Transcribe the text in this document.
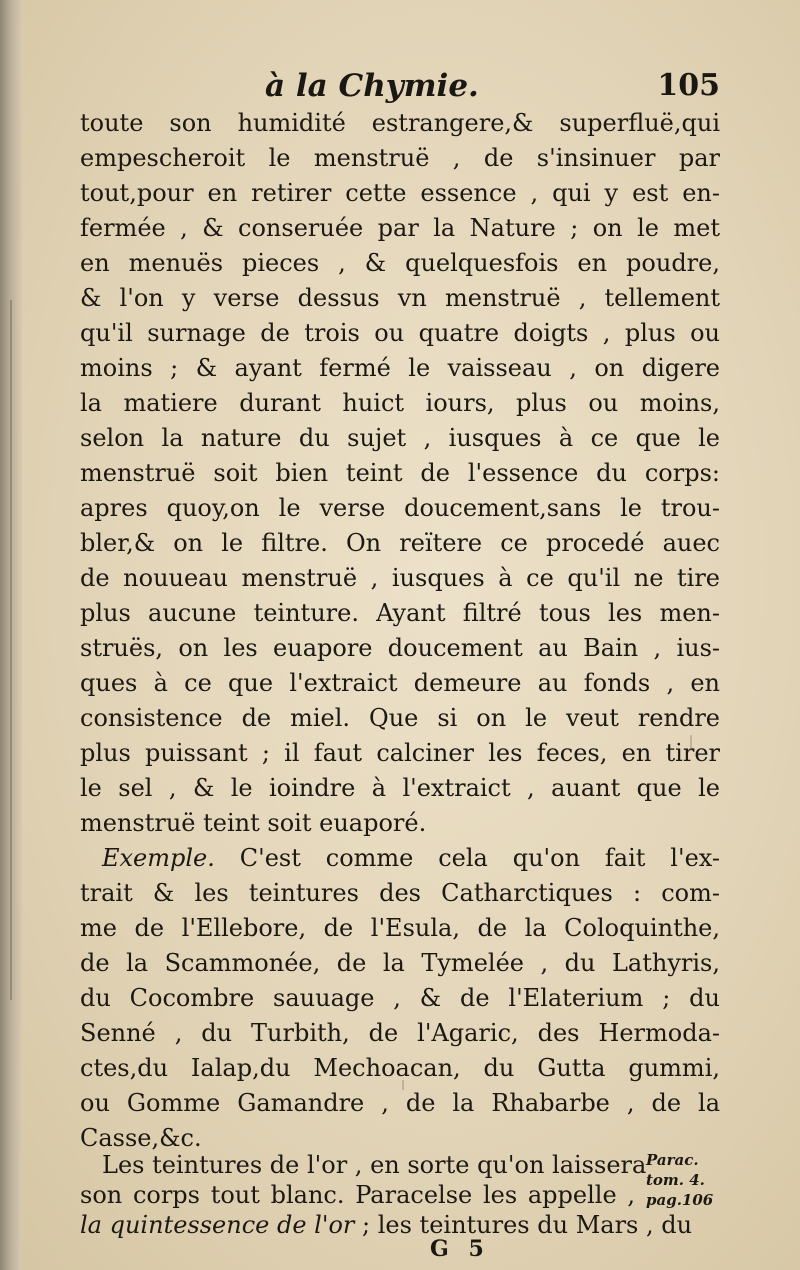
à la Chymie.	105
toute son humidité estrangere,& superfluë,qui
empescheroit le menstruë , de s'insinuer par
tout,pour en retirer cette essence , qui y est en-
fermée , & conseruée par la Nature ; on le met
en menuës pieces , & quelquesfois en poudre,
& l'on y verse dessus vn menstruë , tellement
qu'il surnage de trois ou quatre doigts , plus ou
moins ; & ayant fermé le vaisseau , on digere
la matiere durant huict iours, plus ou moins,
selon la nature du sujet , iusques à ce que le
menstruë soit bien teint de l'essence du corps:
apres quoy,on le verse doucement,sans le trou-
bler,& on le filtre. On reïtere ce procedé auec
de nouueau menstruë , iusques à ce qu'il ne tire
plus aucune teinture. Ayant filtré tous les men-
struës, on les euapore doucement au Bain , ius-
ques à ce que l'extraict demeure au fonds , en
consistence de miel. Que si on le veut rendre
plus puissant ; il faut calciner les feces, en tirer
le sel , & le ioindre à l'extraict , auant que le
menstruë teint soit euaporé.
Exemple. C'est comme cela qu'on fait l'ex-
trait & les teintures des Catharctiques : com-
me de l'Ellebore, de l'Esula, de la Coloquinthe,
de la Scammonée, de la Tymelée , du Lathyris,
du Cocombre sauuage , & de l'Elaterium ; du
Senné , du Turbith, de l'Agaric, des Hermoda-
ctes,du Ialap,du Mechoacan, du Gutta gummi,
ou Gomme Gamandre , de la Rhabarbe , de la
Casse,&c.
Les teintures de l'or , en sorte qu'on laissera
son corps tout blanc. Paracelse les appelle ,
la quintessence de l'or ; les teintures du Mars , du
Parac.
tom. 4.
pag.106
G 5
